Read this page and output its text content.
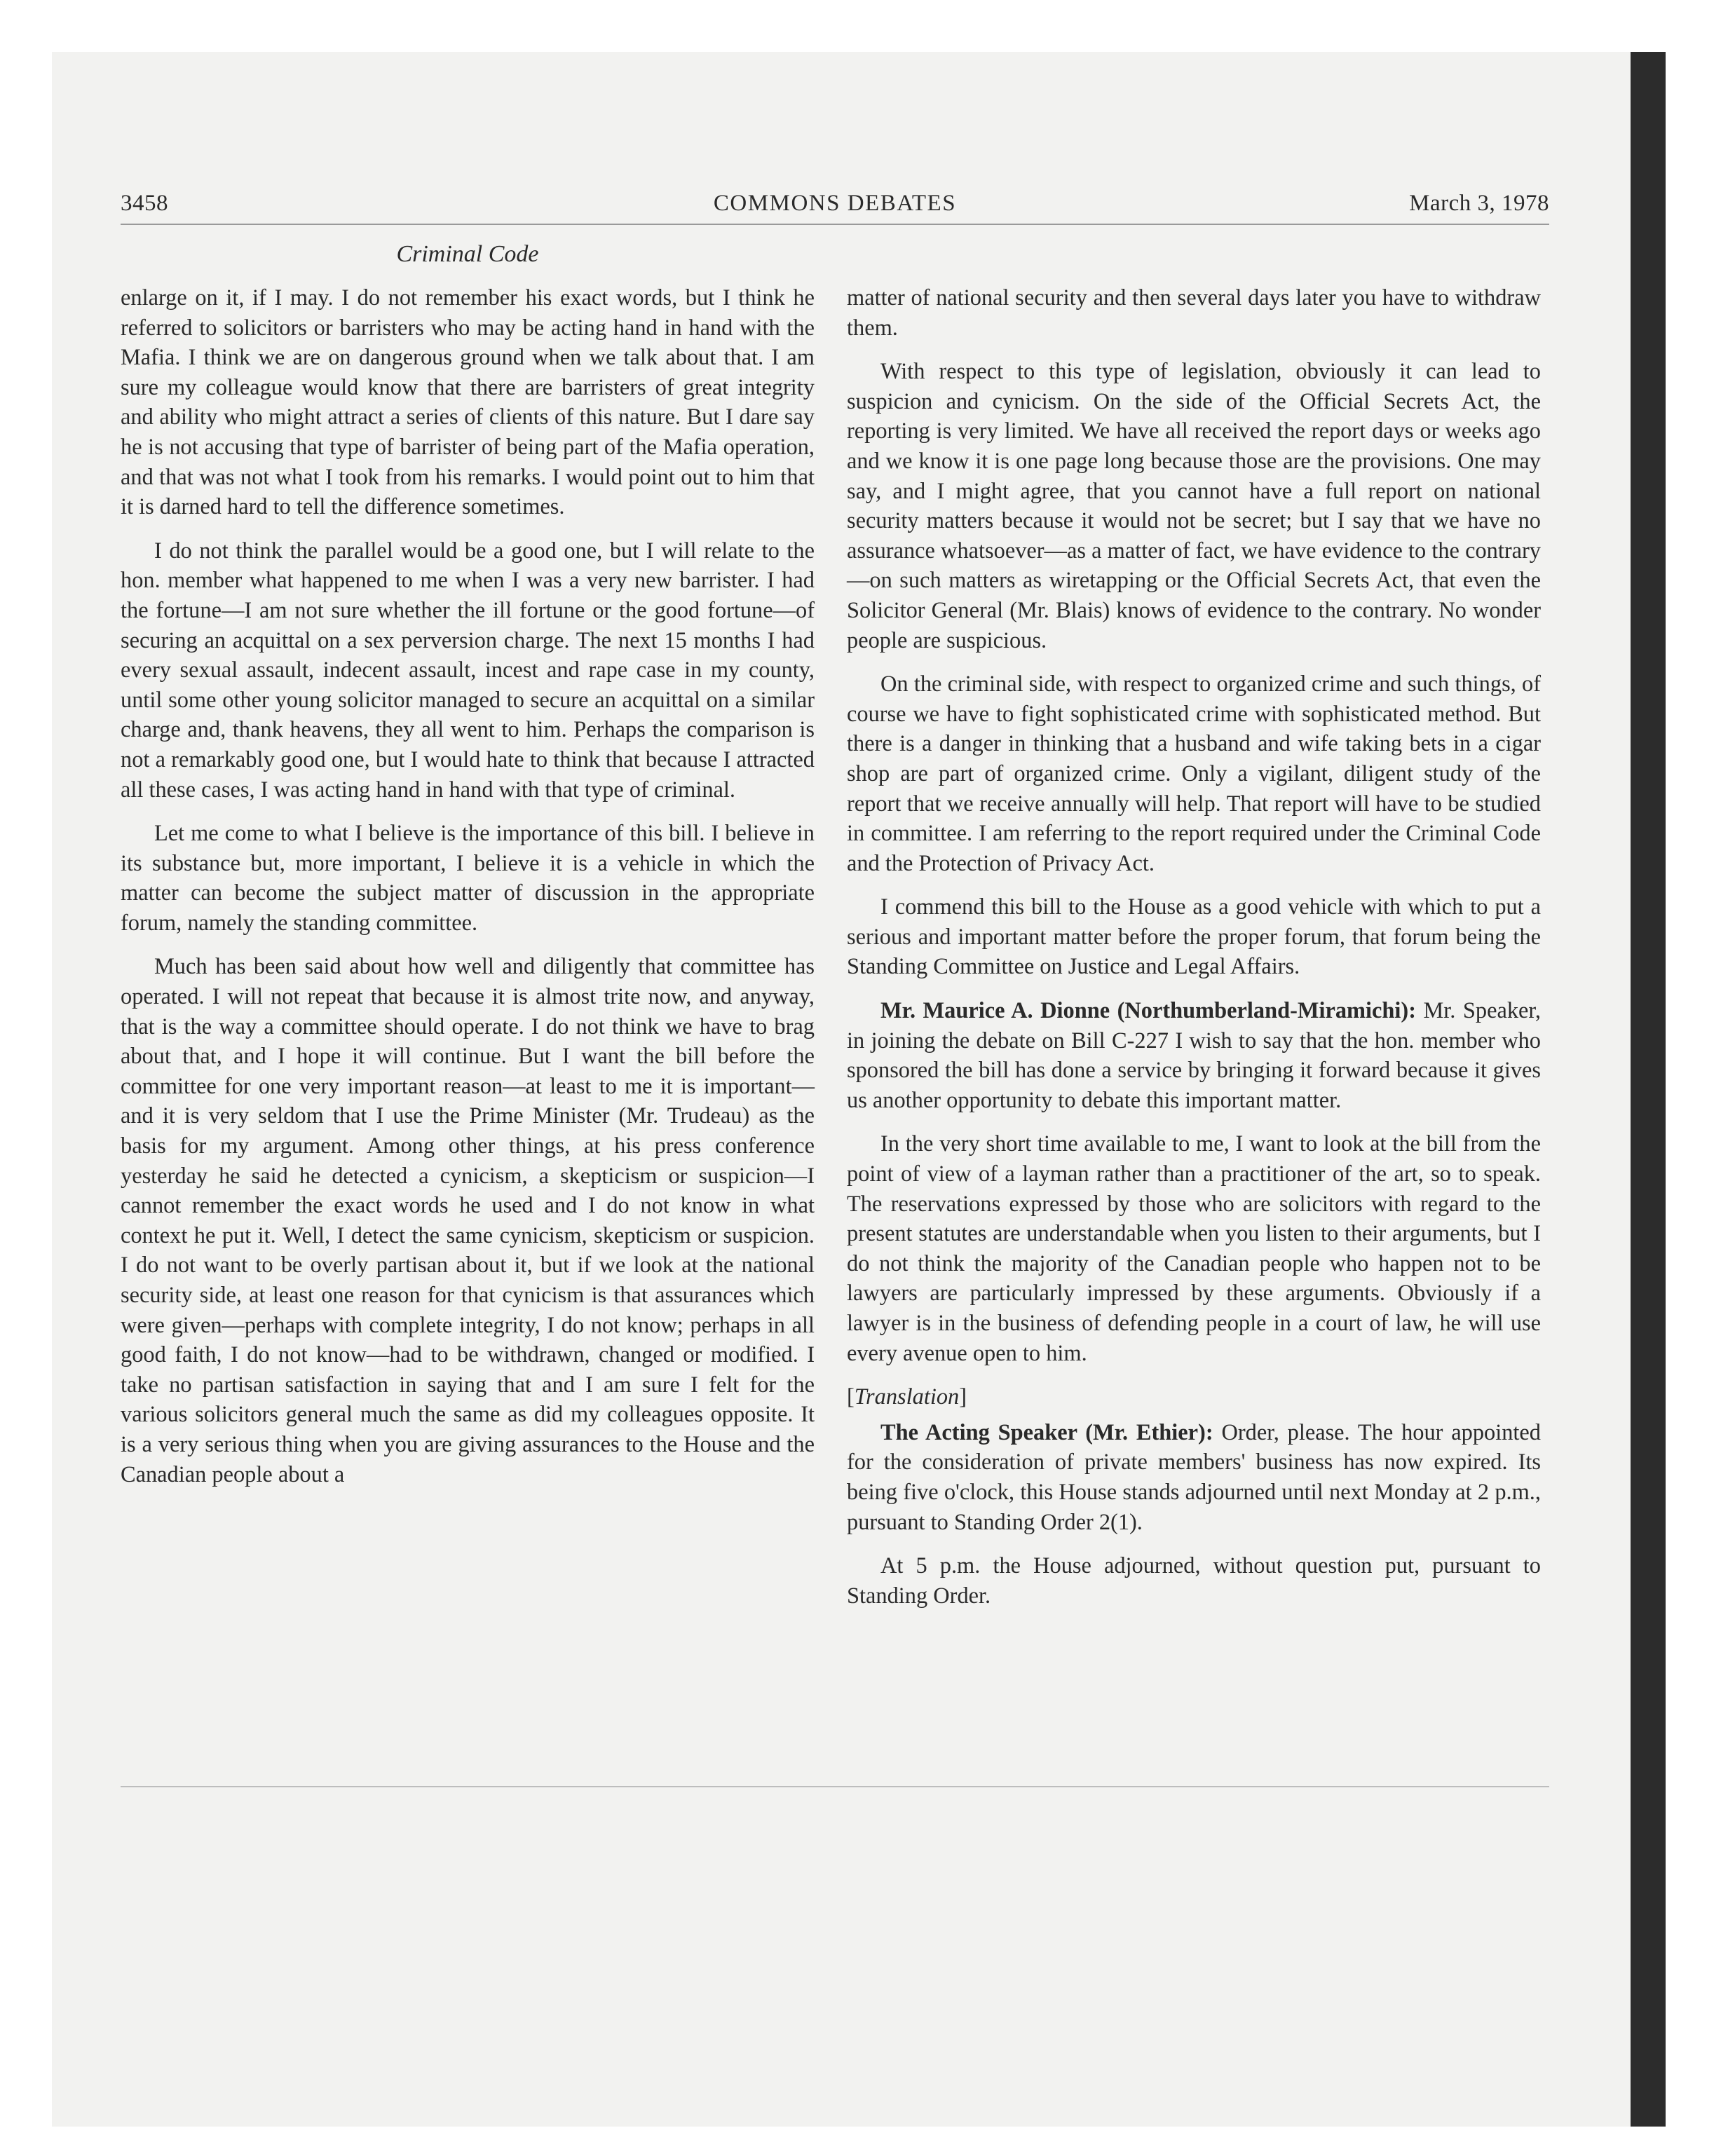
3458	COMMONS DEBATES	March 3, 1978
Criminal Code

enlarge on it, if I may. I do not remember his exact words, but I think he referred to solicitors or barristers who may be acting hand in hand with the Mafia. I think we are on dangerous ground when we talk about that. I am sure my colleague would know that there are barristers of great integrity and ability who might attract a series of clients of this nature. But I dare say he is not accusing that type of barrister of being part of the Mafia operation, and that was not what I took from his remarks. I would point out to him that it is darned hard to tell the difference sometimes.

I do not think the parallel would be a good one, but I will relate to the hon. member what happened to me when I was a very new barrister. I had the fortune—I am not sure whether the ill fortune or the good fortune—of securing an acquittal on a sex perversion charge. The next 15 months I had every sexual assault, indecent assault, incest and rape case in my county, until some other young solicitor managed to secure an acquittal on a similar charge and, thank heavens, they all went to him. Perhaps the comparison is not a remarkably good one, but I would hate to think that because I attracted all these cases, I was acting hand in hand with that type of criminal.

Let me come to what I believe is the importance of this bill. I believe in its substance but, more important, I believe it is a vehicle in which the matter can become the subject matter of discussion in the appropriate forum, namely the standing committee.

Much has been said about how well and diligently that committee has operated. I will not repeat that because it is almost trite now, and anyway, that is the way a committee should operate. I do not think we have to brag about that, and I hope it will continue. But I want the bill before the committee for one very important reason—at least to me it is important—and it is very seldom that I use the Prime Minister (Mr. Trudeau) as the basis for my argument. Among other things, at his press conference yesterday he said he detected a cynicism, a skepticism or suspicion—I cannot remember the exact words he used and I do not know in what context he put it. Well, I detect the same cynicism, skepticism or suspicion. I do not want to be overly partisan about it, but if we look at the national security side, at least one reason for that cynicism is that assurances which were given—perhaps with complete integrity, I do not know; perhaps in all good faith, I do not know—had to be withdrawn, changed or modified. I take no partisan satisfaction in saying that and I am sure I felt for the various solicitors general much the same as did my colleagues opposite. It is a very serious thing when you are giving assurances to the House and the Canadian people about a

matter of national security and then several days later you have to withdraw them.

With respect to this type of legislation, obviously it can lead to suspicion and cynicism. On the side of the Official Secrets Act, the reporting is very limited. We have all received the report days or weeks ago and we know it is one page long because those are the provisions. One may say, and I might agree, that you cannot have a full report on national security matters because it would not be secret; but I say that we have no assurance whatsoever—as a matter of fact, we have evidence to the contrary—on such matters as wiretapping or the Official Secrets Act, that even the Solicitor General (Mr. Blais) knows of evidence to the contrary. No wonder people are suspicious.

On the criminal side, with respect to organized crime and such things, of course we have to fight sophisticated crime with sophisticated method. But there is a danger in thinking that a husband and wife taking bets in a cigar shop are part of organized crime. Only a vigilant, diligent study of the report that we receive annually will help. That report will have to be studied in committee. I am referring to the report required under the Criminal Code and the Protection of Privacy Act.

I commend this bill to the House as a good vehicle with which to put a serious and important matter before the proper forum, that forum being the Standing Committee on Justice and Legal Affairs.

Mr. Maurice A. Dionne (Northumberland-Miramichi): Mr. Speaker, in joining the debate on Bill C-227 I wish to say that the hon. member who sponsored the bill has done a service by bringing it forward because it gives us another opportunity to debate this important matter.

In the very short time available to me, I want to look at the bill from the point of view of a layman rather than a practitioner of the art, so to speak. The reservations expressed by those who are solicitors with regard to the present statutes are understandable when you listen to their arguments, but I do not think the majority of the Canadian people who happen not to be lawyers are particularly impressed by these arguments. Obviously if a lawyer is in the business of defending people in a court of law, he will use every avenue open to him.

[Translation]

The Acting Speaker (Mr. Ethier): Order, please. The hour appointed for the consideration of private members' business has now expired. Its being five o'clock, this House stands adjourned until next Monday at 2 p.m., pursuant to Standing Order 2(1).

At 5 p.m. the House adjourned, without question put, pursuant to Standing Order.
